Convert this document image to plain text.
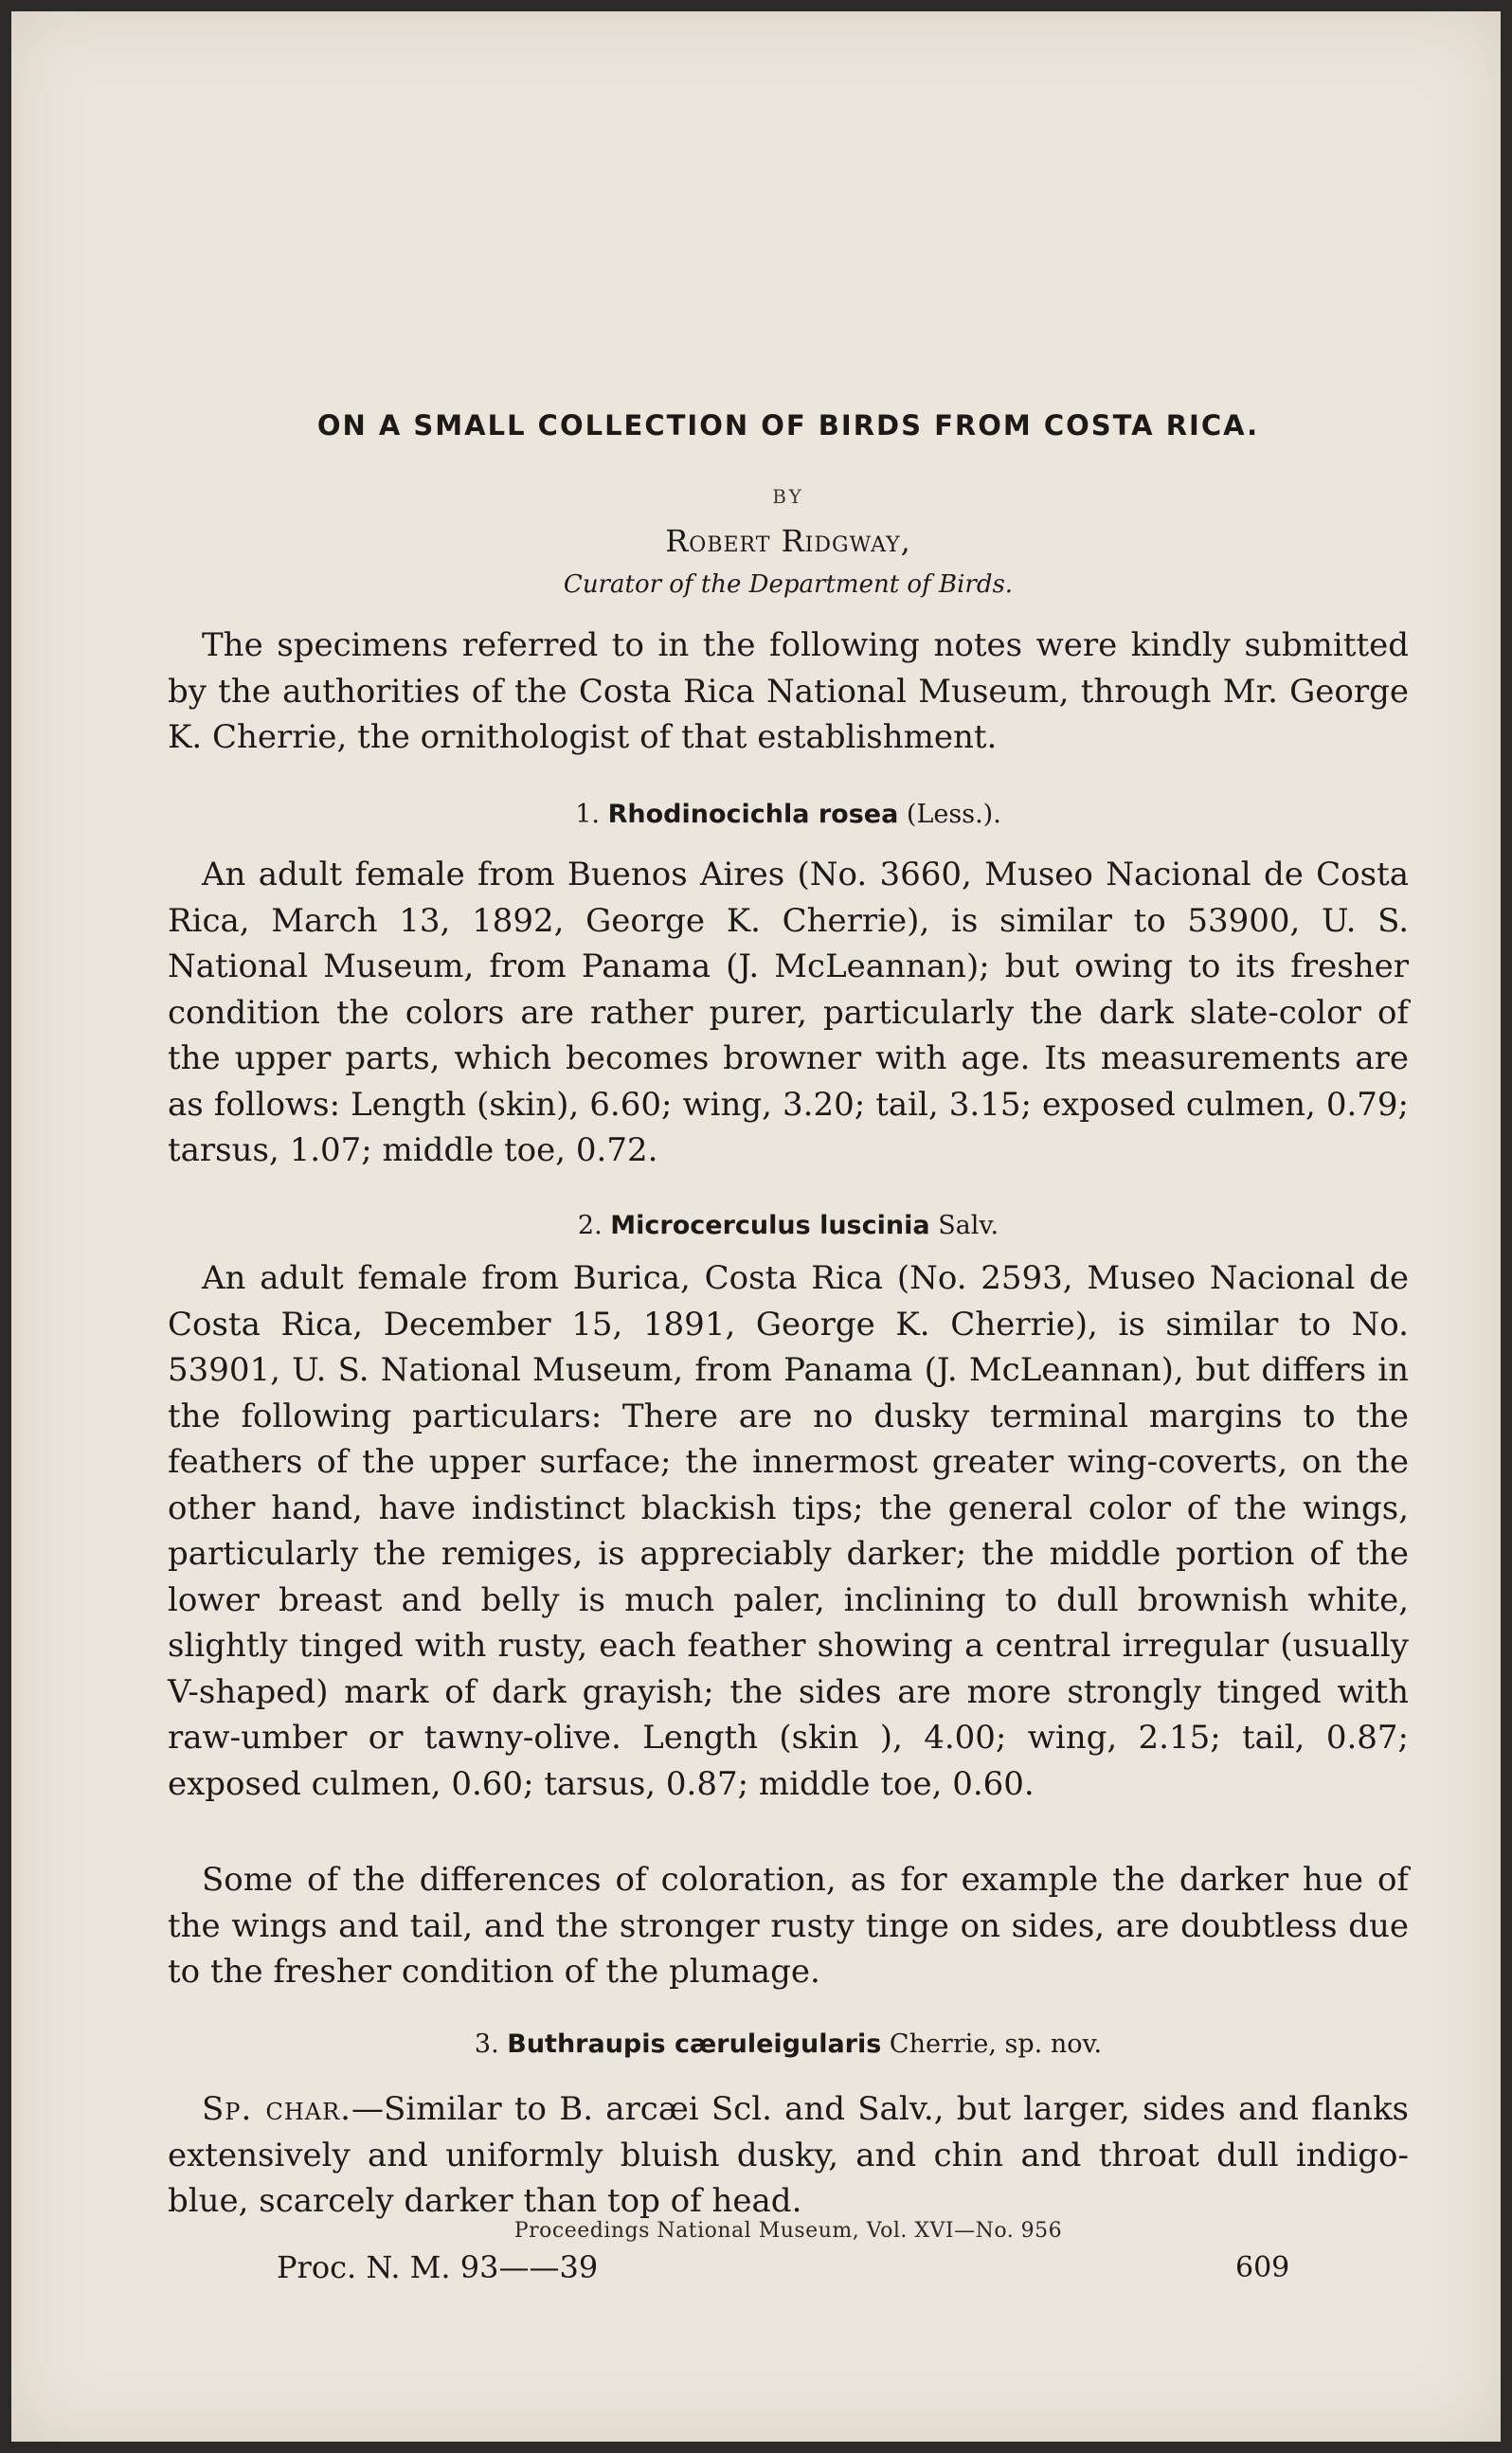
ON A SMALL COLLECTION OF BIRDS FROM COSTA RICA.
BY
Robert Ridgway,
Curator of the Department of Birds.
The specimens referred to in the following notes were kindly submitted by the authorities of the Costa Rica National Museum, through Mr. George K. Cherrie, the ornithologist of that establishment.
1. Rhodinocichla rosea (Less.).
An adult female from Buenos Aires (No. 3660, Museo Nacional de Costa Rica, March 13, 1892, George K. Cherrie), is similar to 53900, U. S. National Museum, from Panama (J. McLeannan); but owing to its fresher condition the colors are rather purer, particularly the dark slate-color of the upper parts, which becomes browner with age. Its measurements are as follows: Length (skin), 6.60; wing, 3.20; tail, 3.15; exposed culmen, 0.79; tarsus, 1.07; middle toe, 0.72.
2. Microcerculus luscinia Salv.
An adult female from Burica, Costa Rica (No. 2593, Museo Nacional de Costa Rica, December 15, 1891, George K. Cherrie), is similar to No. 53901, U. S. National Museum, from Panama (J. McLeannan), but differs in the following particulars: There are no dusky terminal margins to the feathers of the upper surface; the innermost greater wing-coverts, on the other hand, have indistinct blackish tips; the general color of the wings, particularly the remiges, is appreciably darker; the middle portion of the lower breast and belly is much paler, inclining to dull brownish white, slightly tinged with rusty, each feather showing a central irregular (usually V-shaped) mark of dark grayish; the sides are more strongly tinged with raw-umber or tawny-olive. Length (skin ), 4.00; wing, 2.15; tail, 0.87; exposed culmen, 0.60; tarsus, 0.87; middle toe, 0.60.
Some of the differences of coloration, as for example the darker hue of the wings and tail, and the stronger rusty tinge on sides, are doubtless due to the fresher condition of the plumage.
3. Buthraupis cæruleigularis Cherrie, sp. nov.
Sp. char.—Similar to B. arcæi Scl. and Salv., but larger, sides and flanks extensively and uniformly bluish dusky, and chin and throat dull indigo-blue, scarcely darker than top of head.
Proceedings National Museum, Vol. XVI—No. 956
Proc. N. M. 93——39	609
